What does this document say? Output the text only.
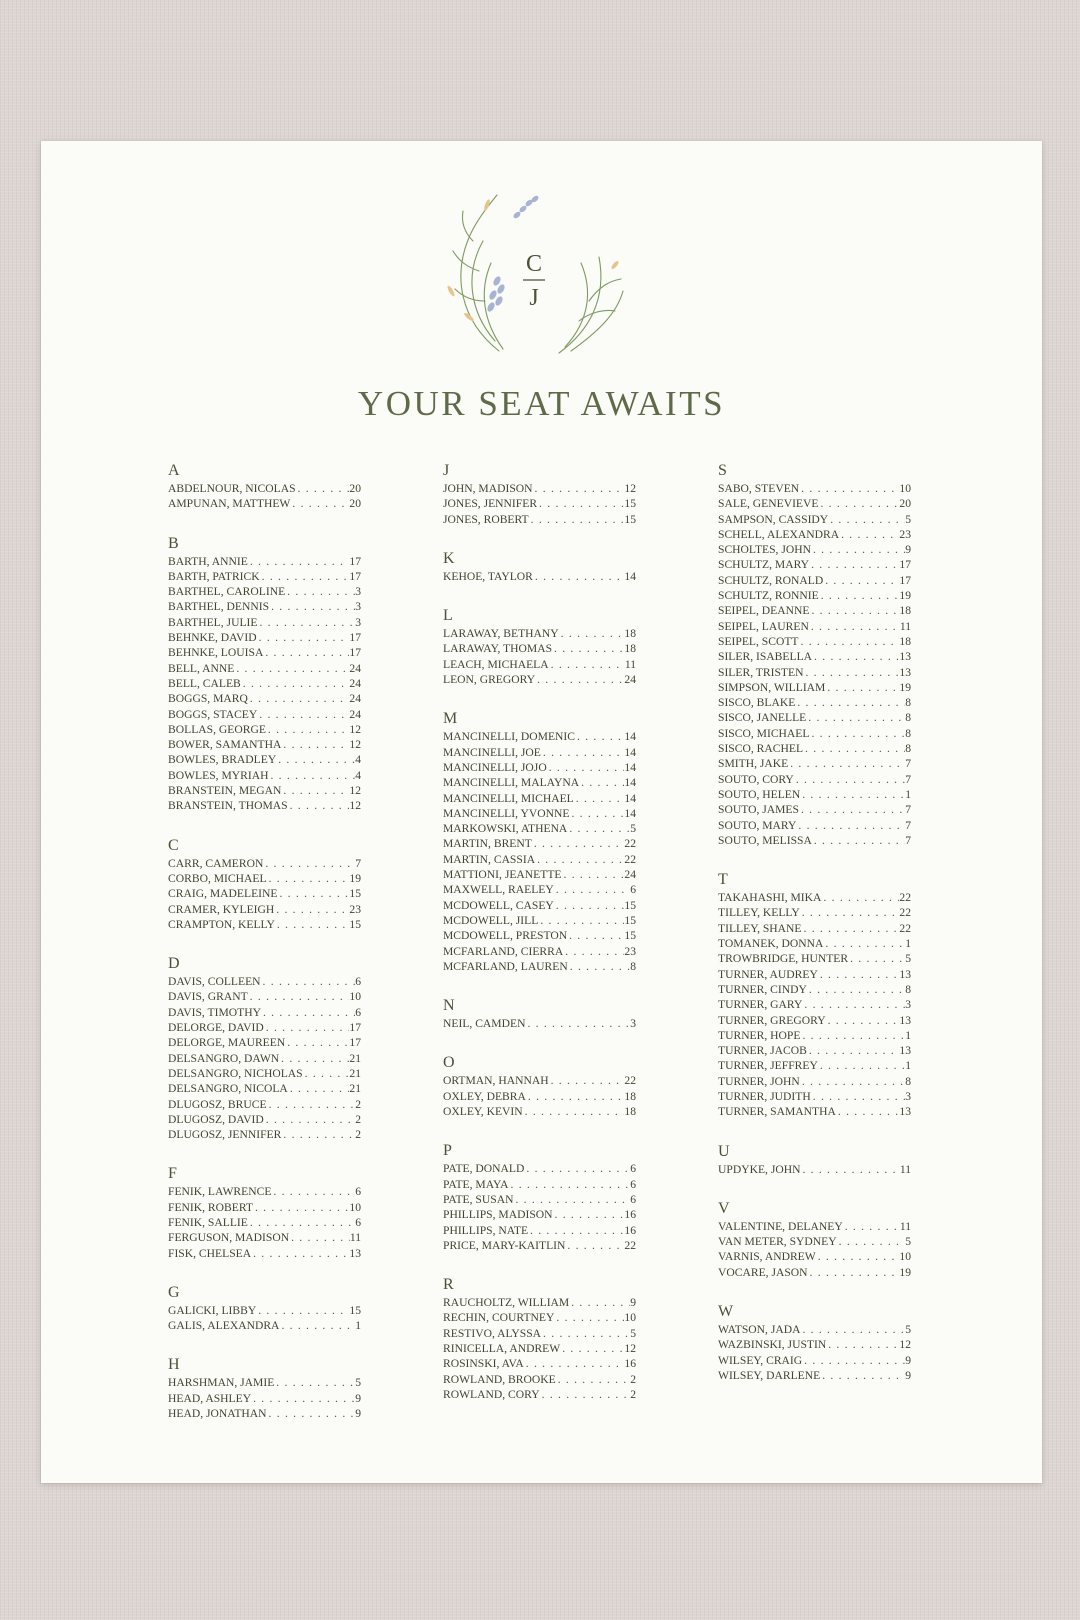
C
J
YOUR SEAT AWAITS
A
ABDELNOUR, NICOLAS . . .	20
AMPUNAN, MATTHEW . . .	20
B
BARTH, ANNIE . . .	17
BARTH, PATRICK . . .	17
BARTHEL, CAROLINE . . .	3
BARTHEL, DENNIS . . .	3
BARTHEL, JULIE . . .	3
BEHNKE, DAVID . . .	17
BEHNKE, LOUISA . . .	17
BELL, ANNE . . .	24
BELL, CALEB . . .	24
BOGGS, MARQ . . .	24
BOGGS, STACEY . . .	24
BOLLAS, GEORGE . . .	12
BOWER, SAMANTHA . . .	12
BOWLES, BRADLEY . . .	4
BOWLES, MYRIAH . . .	4
BRANSTEIN, MEGAN . . .	12
BRANSTEIN, THOMAS . . .	12
C
CARR, CAMERON . . .	7
CORBO, MICHAEL . . .	19
CRAIG, MADELEINE . . .	15
CRAMER, KYLEIGH . . .	23
CRAMPTON, KELLY . . .	15
D
DAVIS, COLLEEN . . .	6
DAVIS, GRANT . . .	10
DAVIS, TIMOTHY . . .	6
DELORGE, DAVID . . .	17
DELORGE, MAUREEN . . .	17
DELSANGRO, DAWN . . .	21
DELSANGRO, NICHOLAS . . .	21
DELSANGRO, NICOLA . . .	21
DLUGOSZ, BRUCE . . .	2
DLUGOSZ, DAVID . . .	2
DLUGOSZ, JENNIFER . . .	2
F
FENIK, LAWRENCE . . .	6
FENIK, ROBERT . . .	10
FENIK, SALLIE . . .	6
FERGUSON, MADISON . . .	11
FISK, CHELSEA . . .	13
G
GALICKI, LIBBY . . .	15
GALIS, ALEXANDRA . . .	1
H
HARSHMAN, JAMIE . . .	5
HEAD, ASHLEY . . .	9
HEAD, JONATHAN . . .	9
J
JOHN, MADISON . . .	12
JONES, JENNIFER . . .	15
JONES, ROBERT . . .	15
K
KEHOE, TAYLOR . . .	14
L
LARAWAY, BETHANY . . .	18
LARAWAY, THOMAS . . .	18
LEACH, MICHAELA . . .	11
LEON, GREGORY . . .	24
M
MANCINELLI, DOMENIC . . .	14
MANCINELLI, JOE . . .	14
MANCINELLI, JOJO . . .	14
MANCINELLI, MALAYNA . . .	14
MANCINELLI, MICHAEL . . .	14
MANCINELLI, YVONNE . . .	14
MARKOWSKI, ATHENA . . .	5
MARTIN, BRENT . . .	22
MARTIN, CASSIA . . .	22
MATTIONI, JEANETTE . . .	24
MAXWELL, RAELEY . . .	6
MCDOWELL, CASEY . . .	15
MCDOWELL, JILL . . .	15
MCDOWELL, PRESTON . . .	15
MCFARLAND, CIERRA . . .	23
MCFARLAND, LAUREN . . .	8
N
NEIL, CAMDEN . . .	3
O
ORTMAN, HANNAH . . .	22
OXLEY, DEBRA . . .	18
OXLEY, KEVIN . . .	18
P
PATE, DONALD . . .	6
PATE, MAYA . . .	6
PATE, SUSAN . . .	6
PHILLIPS, MADISON . . .	16
PHILLIPS, NATE . . .	16
PRICE, MARY-KAITLIN . . .	22
R
RAUCHOLTZ, WILLIAM . . .	9
RECHIN, COURTNEY . . .	10
RESTIVO, ALYSSA . . .	5
RINICELLA, ANDREW . . .	12
ROSINSKI, AVA . . .	16
ROWLAND, BROOKE . . .	2
ROWLAND, CORY . . .	2
S
SABO, STEVEN . . .	10
SALE, GENEVIEVE . . .	20
SAMPSON, CASSIDY . . .	5
SCHELL, ALEXANDRA . . .	23
SCHOLTES, JOHN . . .	9
SCHULTZ, MARY . . .	17
SCHULTZ, RONALD . . .	17
SCHULTZ, RONNIE . . .	19
SEIPEL, DEANNE . . .	18
SEIPEL, LAUREN . . .	11
SEIPEL, SCOTT . . .	18
SILER, ISABELLA . . .	13
SILER, TRISTEN . . .	13
SIMPSON, WILLIAM . . .	19
SISCO, BLAKE . . .	8
SISCO, JANELLE . . .	8
SISCO, MICHAEL . . .	8
SISCO, RACHEL . . .	8
SMITH, JAKE . . .	7
SOUTO, CORY . . .	7
SOUTO, HELEN . . .	1
SOUTO, JAMES . . .	7
SOUTO, MARY . . .	7
SOUTO, MELISSA . . .	7
T
TAKAHASHI, MIKA . . .	22
TILLEY, KELLY . . .	22
TILLEY, SHANE . . .	22
TOMANEK, DONNA . . .	1
TROWBRIDGE, HUNTER . . .	5
TURNER, AUDREY . . .	13
TURNER, CINDY . . .	8
TURNER, GARY . . .	3
TURNER, GREGORY . . .	13
TURNER, HOPE . . .	1
TURNER, JACOB . . .	13
TURNER, JEFFREY . . .	1
TURNER, JOHN . . .	8
TURNER, JUDITH . . .	3
TURNER, SAMANTHA . . .	13
U
UPDYKE, JOHN . . .	11
V
VALENTINE, DELANEY . . .	11
VAN METER, SYDNEY . . .	5
VARNIS, ANDREW . . .	10
VOCARE, JASON . . .	19
W
WATSON, JADA . . .	5
WAZBINSKI, JUSTIN . . .	12
WILSEY, CRAIG . . .	9
WILSEY, DARLENE . . .	9
